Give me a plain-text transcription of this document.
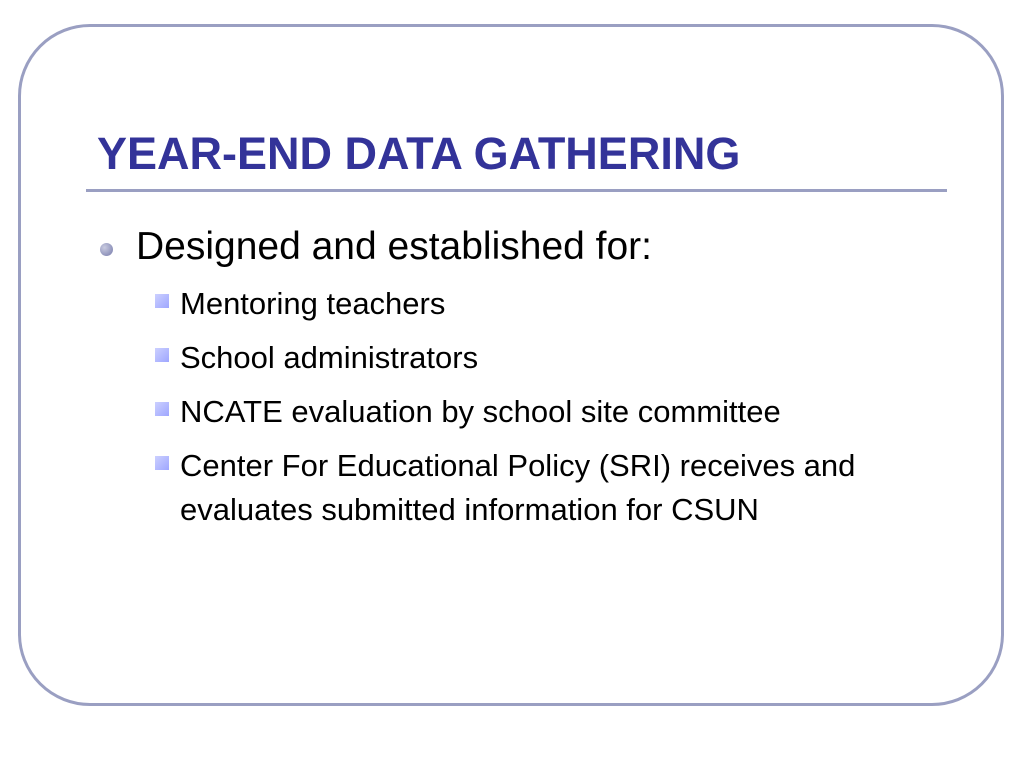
YEAR-END DATA GATHERING

Designed and established for:

Mentoring teachers
School administrators
NCATE evaluation by school site committee
Center For Educational Policy (SRI) receives and evaluates submitted information for CSUN
